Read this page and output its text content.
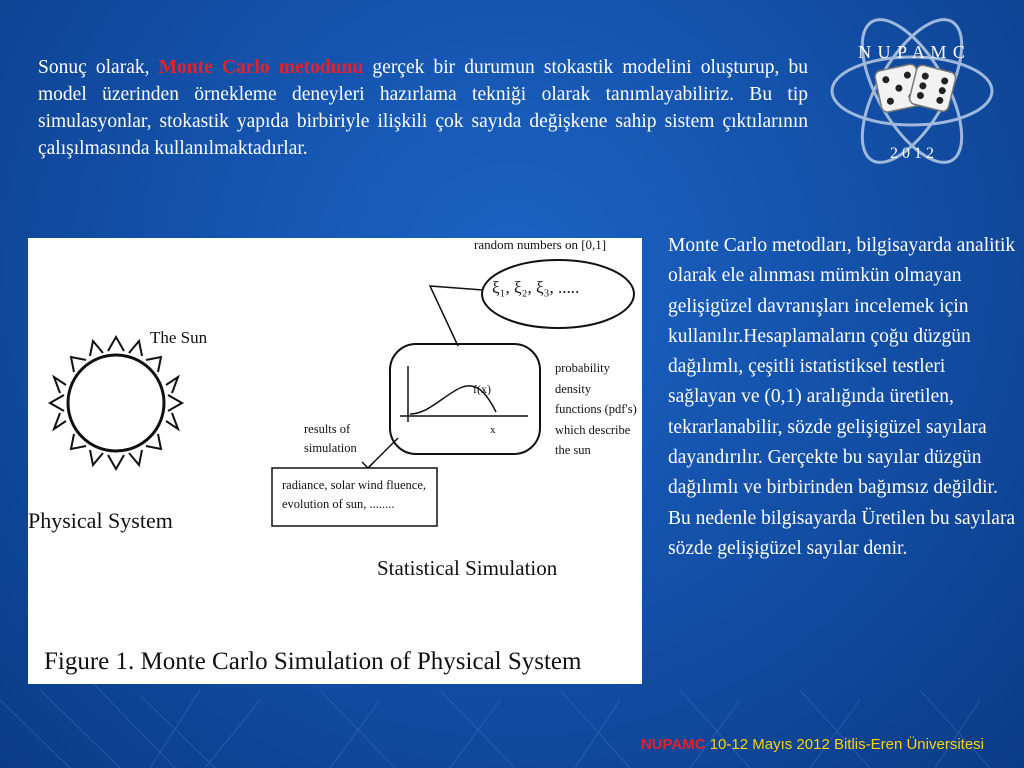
Sonuç olarak, Monte Carlo metodunu gerçek bir durumun stokastik modelini oluşturup, bu model üzerinden örnekleme deneyleri hazırlama tekniği olarak tanımlayabiliriz. Bu tip simulasyonlar, stokastik yapıda birbiriyle ilişkili çok sayıda değişkene sahip sistem çıktılarının çalışılmasında kullanılmaktadırlar.
N U P A M C
2 0 1 2
random numbers on [0,1]
ξ₁, ξ₂, ξ₃, .....
The Sun
f(x)
x
probability
density
functions (pdf's)
which describe
the sun
results of
simulation
radiance, solar wind fluence,
evolution of sun, ........
Physical System
Statistical Simulation
Figure 1. Monte Carlo Simulation of Physical System
Monte Carlo metodları, bilgisayarda analitik olarak ele alınması mümkün olmayan gelişigüzel davranışları incelemek için kullanılır.Hesaplamaların çoğu düzgün dağılımlı, çeşitli istatistiksel testleri sağlayan ve (0,1) aralığında üretilen, tekrarlanabilir, sözde gelişigüzel sayılara dayandırılır. Gerçekte bu sayılar düzgün dağılımlı ve birbirinden bağımsız değildir. Bu nedenle bilgisayarda Üretilen bu sayılara sözde gelişigüzel sayılar denir.
NUPAMC 10-12 Mayıs 2012 Bitlis-Eren Üniversitesi
